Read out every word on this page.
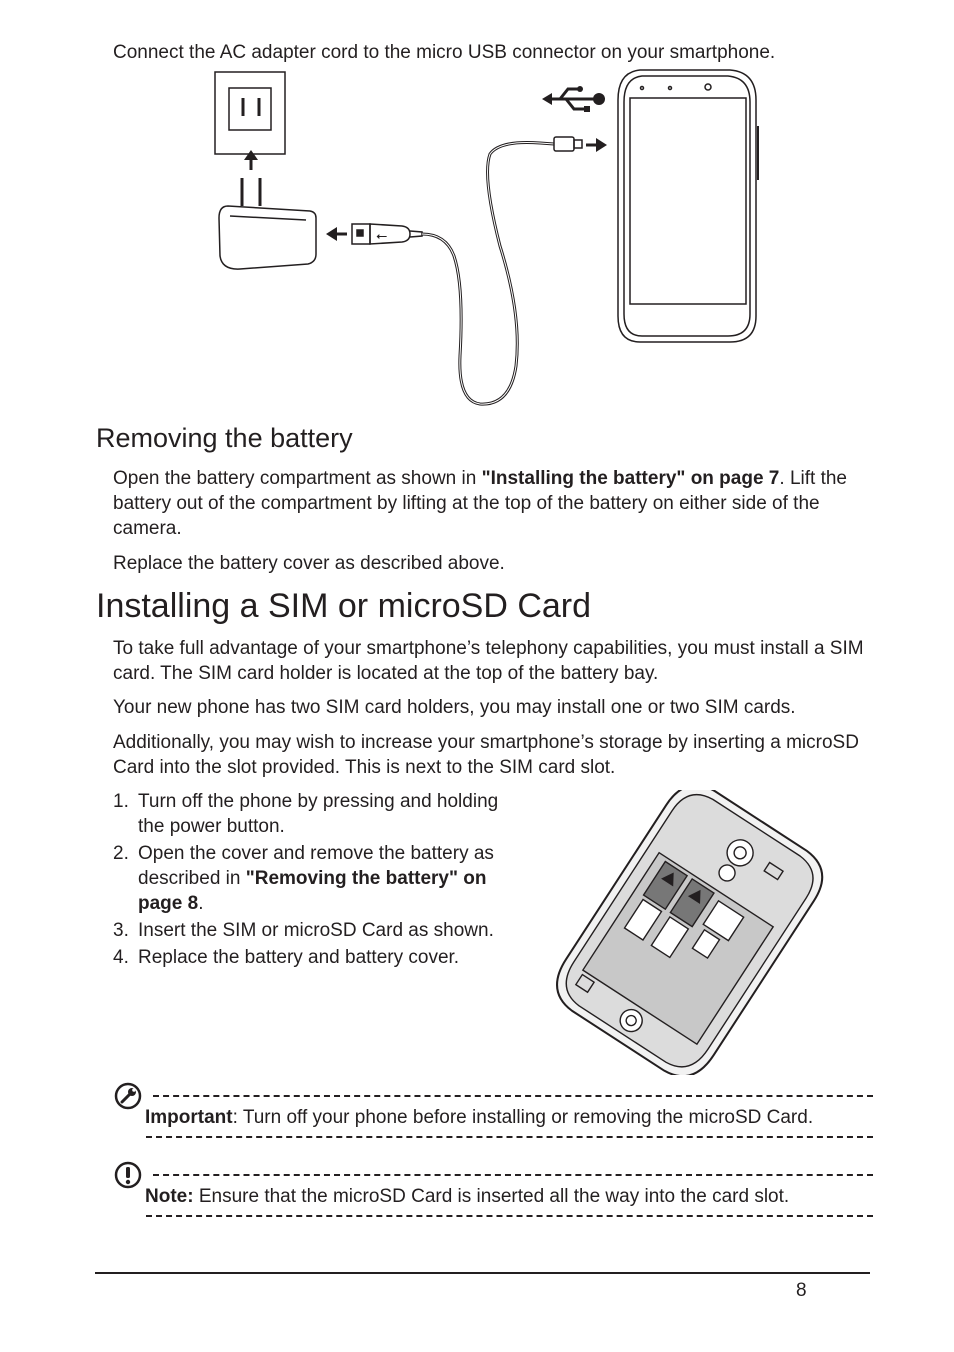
Connect the AC adapter cord to the micro USB connector on your smartphone.

⭠
Removing the battery

Open the battery compartment as shown in "Installing the battery" on page 7. Lift the battery out of the compartment by lifting at the top of the battery on either side of the camera.

Replace the battery cover as described above.

Installing a SIM or microSD Card

To take full advantage of your smartphone’s telephony capabilities, you must install a SIM card. The SIM card holder is located at the top of the battery bay.

Your new phone has two SIM card holders, you may install one or two SIM cards.

Additionally, you may wish to increase your smartphone’s storage by inserting a microSD Card into the slot provided. This is next to the SIM card slot.

1. Turn off the phone by pressing and holding the power button.
2. Open the cover and remove the battery as described in "Removing the battery" on page 8.
3. Insert the SIM or microSD Card as shown.
4. Replace the battery and battery cover.
Important: Turn off your phone before installing or removing the microSD Card.
Note: Ensure that the microSD Card is inserted all the way into the card slot.
8
